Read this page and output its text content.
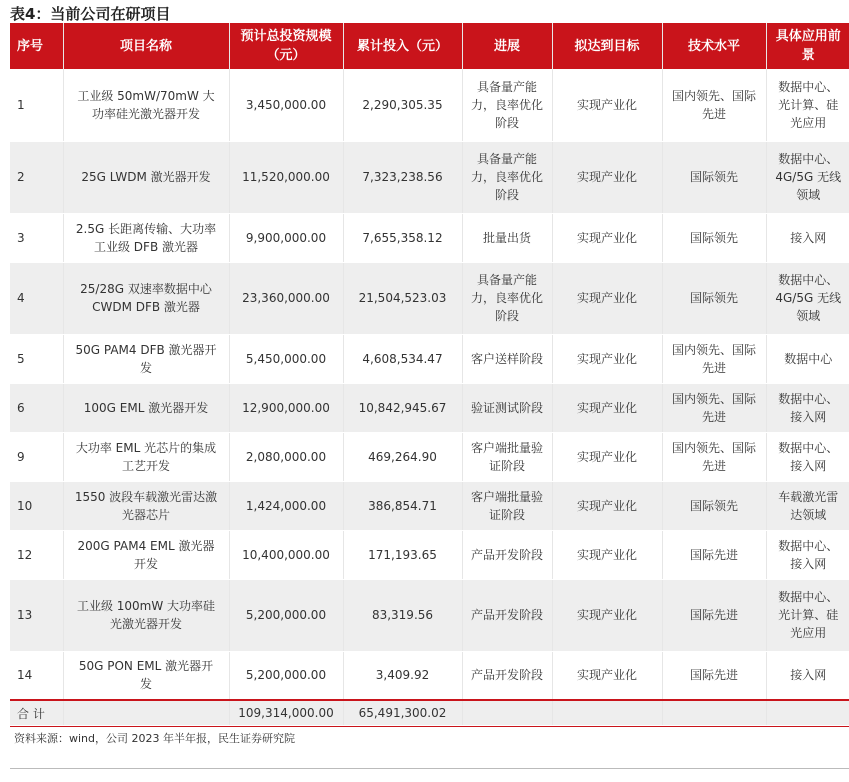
表4：当前公司在研项目
序号	项目名称	预计总投资规模（元）	累计投入（元）	进展	拟达到目标	技术水平	具体应用前景
1	工业级 50mW/70mW 大功率硅光激光器开发	3,450,000.00	2,290,305.35	具备量产能力，良率优化阶段	实现产业化	国内领先、国际先进	数据中心、光计算、硅光应用
2	25G LWDM 激光器开发	11,520,000.00	7,323,238.56	具备量产能力，良率优化阶段	实现产业化	国际领先	数据中心、4G/5G 无线领域
3	2.5G 长距离传输、大功率工业级 DFB 激光器	9,900,000.00	7,655,358.12	批量出货	实现产业化	国际领先	接入网
4	25/28G 双速率数据中心 CWDM DFB 激光器	23,360,000.00	21,504,523.03	具备量产能力，良率优化阶段	实现产业化	国际领先	数据中心、4G/5G 无线领域
5	50G PAM4 DFB 激光器开发	5,450,000.00	4,608,534.47	客户送样阶段	实现产业化	国内领先、国际先进	数据中心
6	100G EML 激光器开发	12,900,000.00	10,842,945.67	验证测试阶段	实现产业化	国内领先、国际先进	数据中心、接入网
9	大功率 EML 光芯片的集成工艺开发	2,080,000.00	469,264.90	客户端批量验证阶段	实现产业化	国内领先、国际先进	数据中心、接入网
10	1550 波段车载激光雷达激光器芯片	1,424,000.00	386,854.71	客户端批量验证阶段	实现产业化	国际领先	车载激光雷达领域
12	200G PAM4 EML 激光器开发	10,400,000.00	171,193.65	产品开发阶段	实现产业化	国际先进	数据中心、接入网
13	工业级 100mW 大功率硅光激光器开发	5,200,000.00	83,319.56	产品开发阶段	实现产业化	国际先进	数据中心、光计算、硅光应用
14	50G PON EML 激光器开发	5,200,000.00	3,409.92	产品开发阶段	实现产业化	国际先进	接入网
合 计		109,314,000.00	65,491,300.02				
资料来源：wind，公司 2023 年半年报，民生证券研究院
